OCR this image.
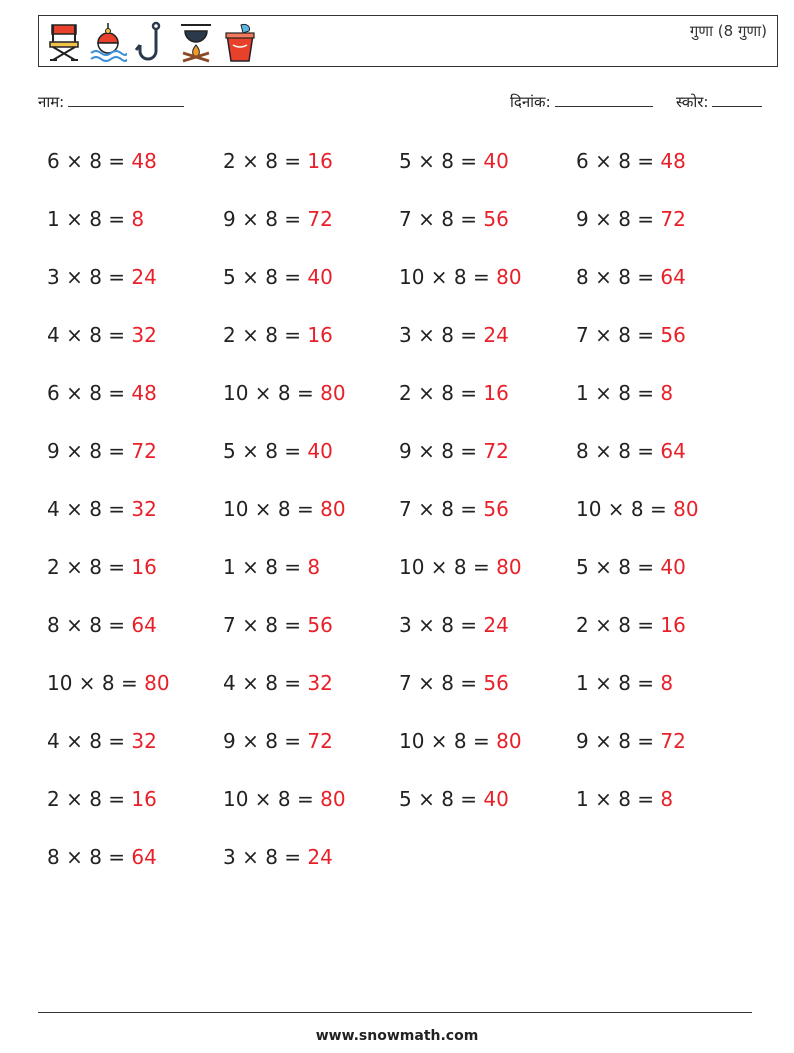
गुणा (8 गुणा)
नाम:	दिनांक:	स्कोर:
6 × 8 = 48	2 × 8 = 16	5 × 8 = 40	6 × 8 = 48
1 × 8 = 8	9 × 8 = 72	7 × 8 = 56	9 × 8 = 72
3 × 8 = 24	5 × 8 = 40	10 × 8 = 80	8 × 8 = 64
4 × 8 = 32	2 × 8 = 16	3 × 8 = 24	7 × 8 = 56
6 × 8 = 48	10 × 8 = 80	2 × 8 = 16	1 × 8 = 8
9 × 8 = 72	5 × 8 = 40	9 × 8 = 72	8 × 8 = 64
4 × 8 = 32	10 × 8 = 80	7 × 8 = 56	10 × 8 = 80
2 × 8 = 16	1 × 8 = 8	10 × 8 = 80	5 × 8 = 40
8 × 8 = 64	7 × 8 = 56	3 × 8 = 24	2 × 8 = 16
10 × 8 = 80	4 × 8 = 32	7 × 8 = 56	1 × 8 = 8
4 × 8 = 32	9 × 8 = 72	10 × 8 = 80	9 × 8 = 72
2 × 8 = 16	10 × 8 = 80	5 × 8 = 40	1 × 8 = 8
8 × 8 = 64	3 × 8 = 24
www.snowmath.com
